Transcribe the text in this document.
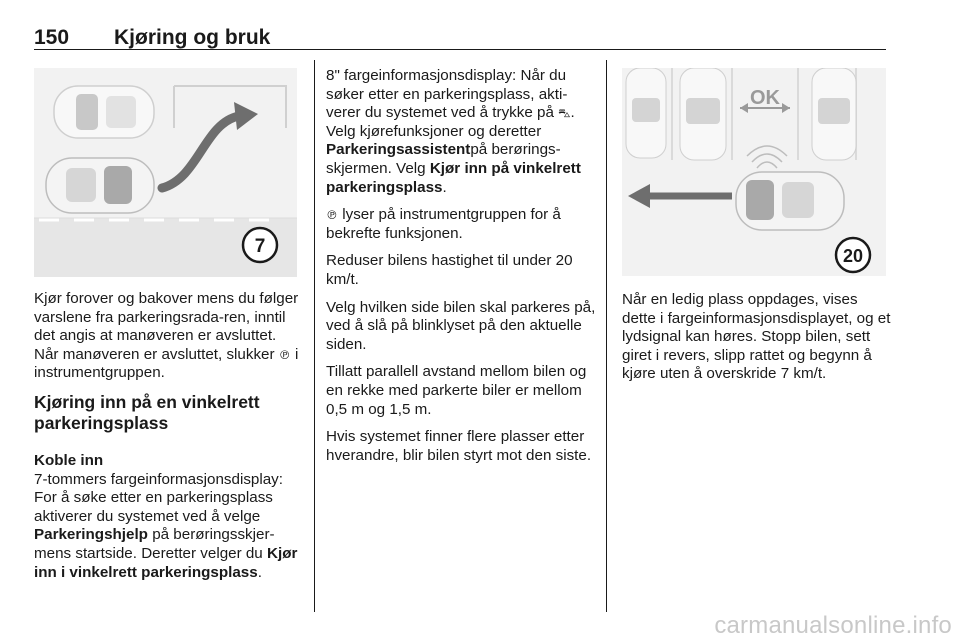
150 Kjøring og bruk
7

Kjør forover og bakover mens du følger varslene fra parkeringsrada-ren, inntil det angis at manøveren er avsluttet. Når manøveren er avsluttet, slukker ℗ i instrumentgruppen.

Kjøring inn på en vinkelrett parkeringsplass
Koble inn

7-tommers fargeinformasjonsdisplay: For å søke etter en parkeringsplass aktiverer du systemet ved å velge Parkeringshjelp på berøringsskjer-mens startside. Deretter velger du Kjør inn i vinkelrett parkeringsplass.

8" fargeinformasjonsdisplay: Når du søker etter en parkeringsplass, akti-verer du systemet ved å trykke på ⛍. Velg kjørefunksjoner og deretter Parkeringsassistentpå berørings-skjermen. Velg Kjør inn på vinkelrett parkeringsplass.

℗ lyser på instrumentgruppen for å bekrefte funksjonen.

Reduser bilens hastighet til under 20 km/t.

Velg hvilken side bilen skal parkeres på, ved å slå på blinklyset på den aktuelle siden.

Tillatt parallell avstand mellom bilen og en rekke med parkerte biler er mellom 0,5 m og 1,5 m.

Hvis systemet finner flere plasser etter hverandre, blir bilen styrt mot den siste.

OK
20

Når en ledig plass oppdages, vises dette i fargeinformasjonsdisplayet, og et lydsignal kan høres. Stopp bilen, sett giret i revers, slipp rattet og begynn å kjøre uten å overskride 7 km/t.

carmanualsonline.info
